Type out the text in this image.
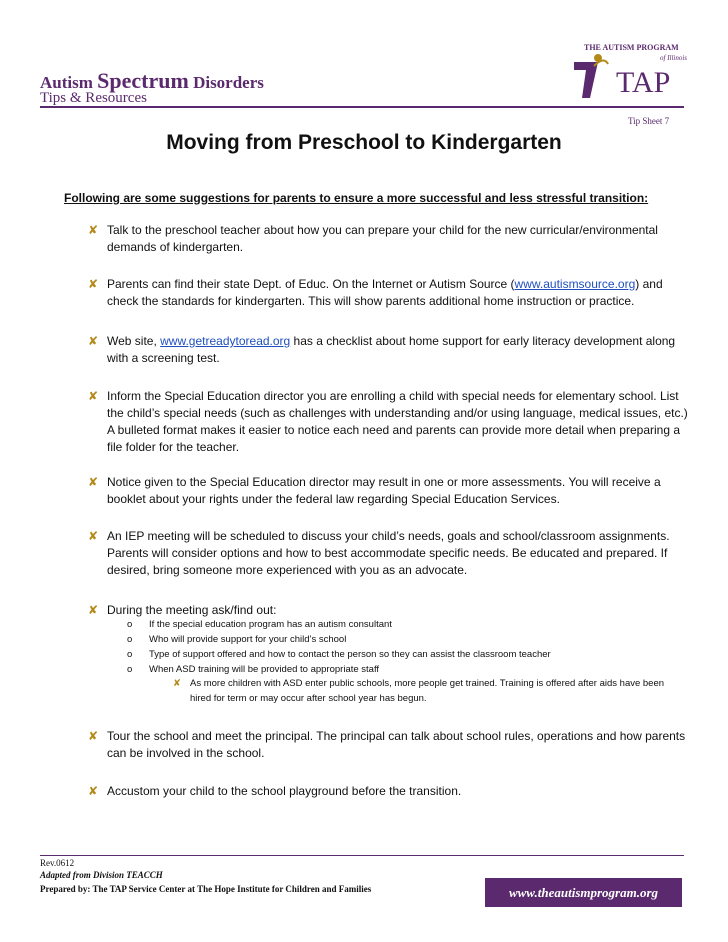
Autism Spectrum Disorders
Tips & Resources
THE AUTISM PROGRAM
of Illinois
TAP
Tip Sheet 7
Moving from Preschool to Kindergarten
Following are some suggestions for parents to ensure a more successful and less stressful transition:
✘ Talk to the preschool teacher about how you can prepare your child for the new curricular/environmental demands of kindergarten.
✘ Parents can find their state Dept. of Educ. On the Internet or Autism Source (www.autismsource.org) and check the standards for kindergarten. This will show parents additional home instruction or practice.
✘ Web site, www.getreadytoread.org has a checklist about home support for early literacy development along with a screening test.
✘ Inform the Special Education director you are enrolling a child with special needs for elementary school. List the child’s special needs (such as challenges with understanding and/or using language, medical issues, etc.) A bulleted format makes it easier to notice each need and parents can provide more detail when preparing a file folder for the teacher.
✘ Notice given to the Special Education director may result in one or more assessments. You will receive a booklet about your rights under the federal law regarding Special Education Services.
✘ An IEP meeting will be scheduled to discuss your child’s needs, goals and school/classroom assignments. Parents will consider options and how to best accommodate specific needs. Be educated and prepared. If desired, bring someone more experienced with you as an advocate.
✘ During the meeting ask/find out:
o If the special education program has an autism consultant
o Who will provide support for your child’s school
o Type of support offered and how to contact the person so they can assist the classroom teacher
o When ASD training will be provided to appropriate staff
✘ As more children with ASD enter public schools, more people get trained. Training is offered after aids have been hired for term or may occur after school year has begun.
✘ Tour the school and meet the principal. The principal can talk about school rules, operations and how parents can be involved in the school.
✘ Accustom your child to the school playground before the transition.
Rev.0612
Adapted from Division TEACCH
Prepared by: The TAP Service Center at The Hope Institute for Children and Families	www.theautismprogram.org
